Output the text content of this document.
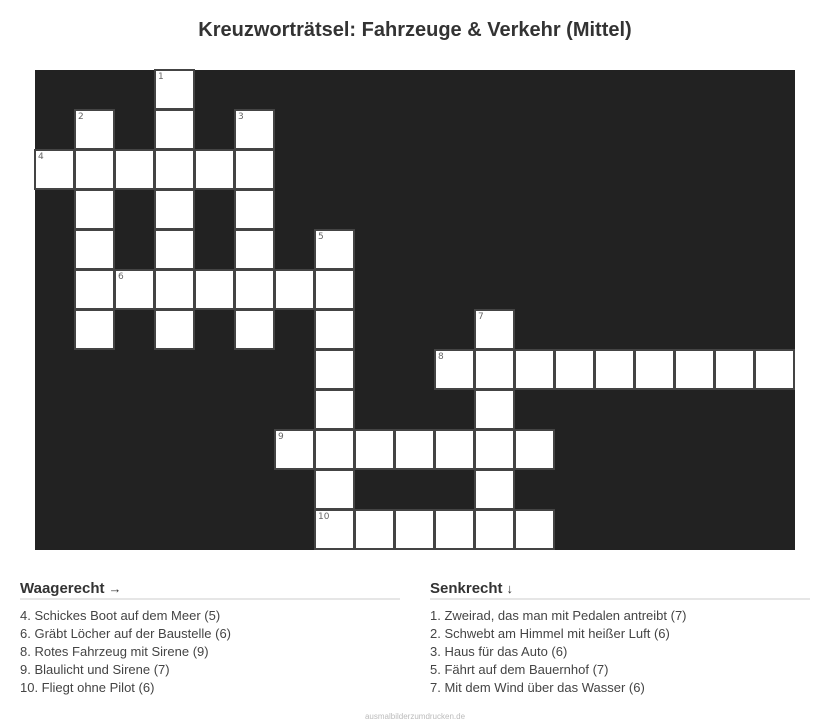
Kreuzworträtsel: Fahrzeuge & Verkehr (Mittel)
1
2	3
4
5
10
6
7
8
9
Waagerecht →
4. Schickes Boot auf dem Meer (5)
6. Gräbt Löcher auf der Baustelle (6)
8. Rotes Fahrzeug mit Sirene (9)
9. Blaulicht und Sirene (7)
10. Fliegt ohne Pilot (6)
Senkrecht ↓
1. Zweirad, das man mit Pedalen antreibt (7)
2. Schwebt am Himmel mit heißer Luft (6)
3. Haus für das Auto (6)
5. Fährt auf dem Bauernhof (7)
7. Mit dem Wind über das Wasser (6)
ausmalbilderzumdrucken.de
